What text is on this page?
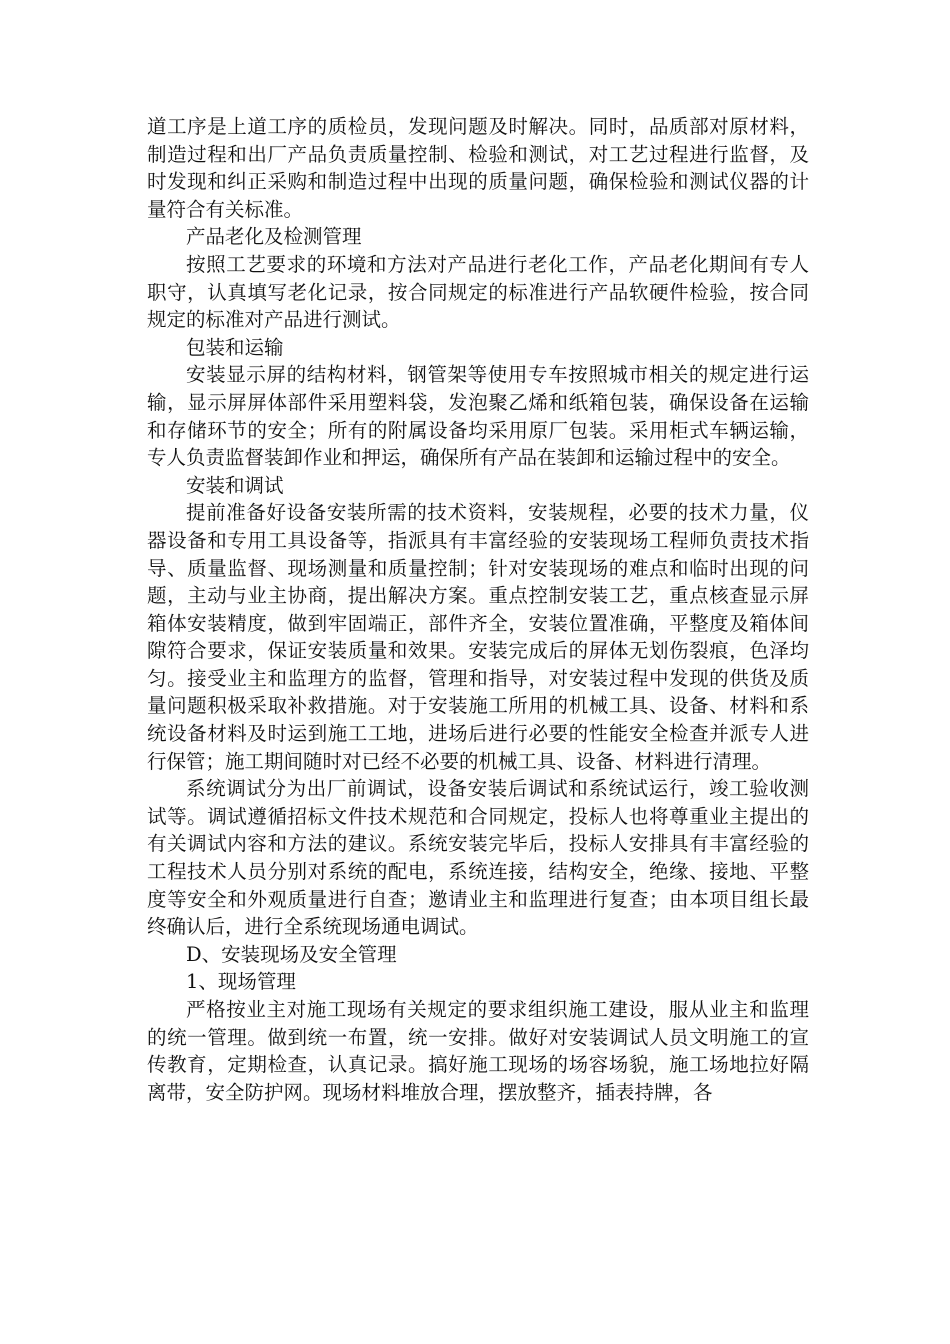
道工序是上道工序的质检员，发现问题及时解决。同时，品质部对原材料，制造过程和出厂产品负责质量控制、检验和测试，对工艺过程进行监督，及时发现和纠正采购和制造过程中出现的质量问题，确保检验和测试仪器的计量符合有关标准。

产品老化及检测管理

按照工艺要求的环境和方法对产品进行老化工作，产品老化期间有专人职守，认真填写老化记录，按合同规定的标准进行产品软硬件检验，按合同规定的标准对产品进行测试。

包装和运输

安装显示屏的结构材料，钢管架等使用专车按照城市相关的规定进行运输，显示屏屏体部件采用塑料袋，发泡聚乙烯和纸箱包装，确保设备在运输和存储环节的安全；所有的附属设备均采用原厂包装。采用柜式车辆运输，专人负责监督装卸作业和押运，确保所有产品在装卸和运输过程中的安全。

安装和调试

提前准备好设备安装所需的技术资料，安装规程，必要的技术力量，仪器设备和专用工具设备等，指派具有丰富经验的安装现场工程师负责技术指导、质量监督、现场测量和质量控制；针对安装现场的难点和临时出现的问题，主动与业主协商，提出解决方案。重点控制安装工艺，重点核查显示屏箱体安装精度，做到牢固端正，部件齐全，安装位置准确，平整度及箱体间隙符合要求，保证安装质量和效果。安装完成后的屏体无划伤裂痕，色泽均匀。接受业主和监理方的监督，管理和指导，对安装过程中发现的供货及质量问题积极采取补救措施。对于安装施工所用的机械工具、设备、材料和系统设备材料及时运到施工工地，进场后进行必要的性能安全检查并派专人进行保管；施工期间随时对已经不必要的机械工具、设备、材料进行清理。

系统调试分为出厂前调试，设备安装后调试和系统试运行，竣工验收测试等。调试遵循招标文件技术规范和合同规定，投标人也将尊重业主提出的有关调试内容和方法的建议。系统安装完毕后，投标人安排具有丰富经验的工程技术人员分别对系统的配电，系统连接，结构安全，绝缘、接地、平整度等安全和外观质量进行自查；邀请业主和监理进行复查；由本项目组长最终确认后，进行全系统现场通电调试。

D、安装现场及安全管理

1、现场管理

严格按业主对施工现场有关规定的要求组织施工建设，服从业主和监理的统一管理。做到统一布置，统一安排。做好对安装调试人员文明施工的宣传教育，定期检查，认真记录。搞好施工现场的场容场貌，施工场地拉好隔离带，安全防护网。现场材料堆放合理，摆放整齐，插表持牌，各
